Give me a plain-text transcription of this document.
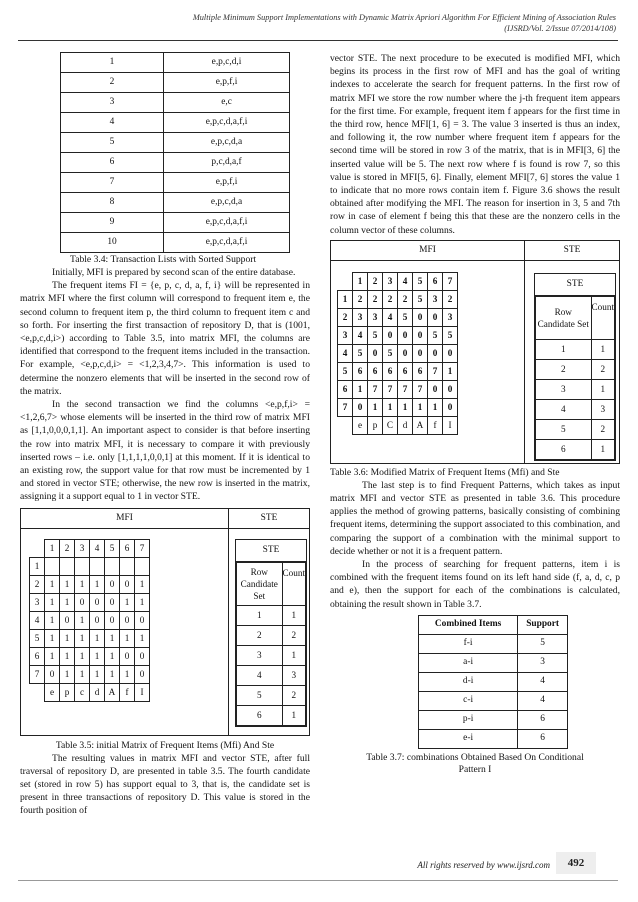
Multiple Minimum Support Implementations with Dynamic Matrix Apriori Algorithm For Efficient Mining of Association Rules
(IJSRD/Vol. 2/Issue 07/2014/108)
1	e,p,c,d,i
2	e,p,f,i
3	e,c
4	e,p,c,d,a,f,i
5	e,p,c,d,a
6	p,c,d,a,f
7	e,p,f,i
8	e,p,c,d,a
9	e,p,c,d,a,f,i
10	e,p,c,d,a,f,i
Table 3.4: Transaction Lists with Sorted Support

Initially, MFI is prepared by second scan of the entire database.

The frequent items FI = {e, p, c, d, a, f, i} will be represented in matrix MFI where the first column will correspond to frequent item e, the second column to frequent item p, the third column to frequent item c and so forth. For inserting the first transaction of repository D, that is (1001, <e,p,c,d,i>) according to Table 3.5, into matrix MFI, the columns are identified that correspond to the frequent items included in the transaction. For example, <e,p,c,d,i> = <1,2,3,4,7>. This information is used to determine the nonzero elements that will be inserted in the second row of the matrix.

In the second transaction we find the columns <e,p,f,i> = <1,2,6,7> whose elements will be inserted in the third row of matrix MFI as [1,1,0,0,0,1,1]. An important aspect to consider is that before inserting the row into matrix MFI, it is necessary to compare it with previously inserted rows – i.e. only [1,1,1,1,0,0,1] at this moment. If it is identical to an existing row, the support value for that row must be incremented by 1 and stored in vector STE; otherwise, the new row is inserted in the matrix, assigning it a support equal to 1 in vector STE.

MFI	STE
	1	2	3	4	5	6	7
1							
2	1	1	1	1	0	0	1
3	1	1	0	0	0	1	1
4	1	0	1	0	0	0	0
5	1	1	1	1	1	1	1
6	1	1	1	1	1	0	0
7	0	1	1	1	1	1	0
	e	p	c	d	A	f	I
STE
Row Candidate Set	Count
1	1
2	2
3	1
4	3
5	2
6	1
Table 3.5: initial Matrix of Frequent Items (Mfi) And Ste

The resulting values in matrix MFI and vector STE, after full traversal of repository D, are presented in table 3.5. The fourth candidate set (stored in row 5) has support equal to 3, that is, the candidate set is present in three transactions of repository D. This value is stored in the fourth position of

vector STE. The next procedure to be executed is modified MFI, which begins its process in the first row of MFI and has the goal of writing indexes to accelerate the search for frequent patterns. In the first row of matrix MFI we store the row number where the j-th frequent item appears for the first time. For example, frequent item f appears for the first time in the third row, hence MFI[1, 6] = 3. The value 3 inserted is thus an index, and following it, the row number where frequent item f appears for the second time will be stored in row 3 of the matrix, that is in MFI[3, 6] the inserted value will be 5. The next row where f is found is row 7, so this value is stored in MFI[5, 6]. Finally, element MFI[7, 6] stores the value 1 to indicate that no more rows contain item f. Figure 3.6 shows the result obtained after modifying the MFI. The reason for insertion in 3, 5 and 7th row in case of element f being this that these are the nonzero cells in the column vector of these columns.

MFI	STE
	1	2	3	4	5	6	7
1	2	2	2	2	5	3	2
2	3	3	4	5	0	0	3
3	4	5	0	0	0	5	5
4	5	0	5	0	0	0	0
5	6	6	6	6	6	7	1
6	1	7	7	7	7	0	0
7	0	1	1	1	1	1	0
	e	p	C	d	A	f	I
STE
Row Candidate Set	Count
1	1
2	2
3	1
4	3
5	2
6	1
Table 3.6: Modified Matrix of Frequent Items (Mfi) and Ste

The last step is to find Frequent Patterns, which takes as input matrix MFI and vector STE as presented in table 3.6. This procedure applies the method of growing patterns, basically consisting of combining frequent items, determining the support associated to this combination, and comparing the support of a combination with the minimal support to decide whether or not it is a frequent pattern.

In the process of searching for frequent patterns, item i is combined with the frequent items found on its left hand side (f, a, d, c, p and e), then the support for each of the combinations is calculated, obtaining the result shown in Table 3.7.

Combined Items	Support
f-i	5
a-i	3
d-i	4
c-i	4
p-i	6
e-i	6
Table 3.7: combinations Obtained Based On Conditional
Pattern I
All rights reserved by www.ijsrd.com	492
